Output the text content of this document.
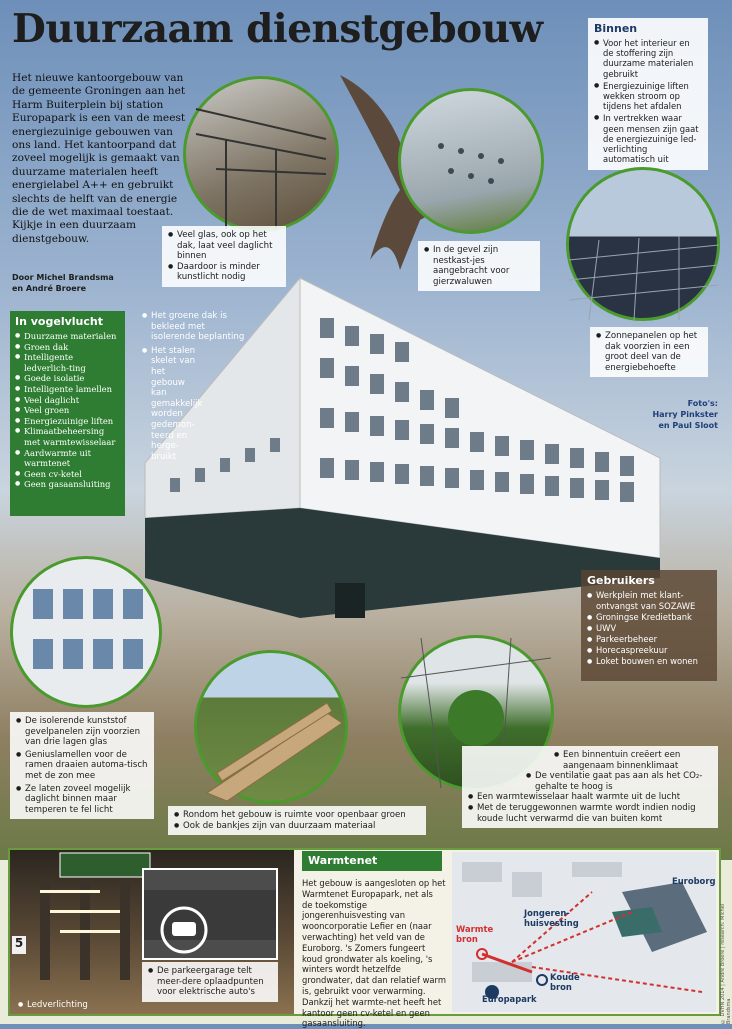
Duurzaam dienstgebouw

Het nieuwe kantoorgebouw van de gemeente Groningen aan het Harm Buiterplein bij station Europapark is een van de meest energiezuinige gebouwen van ons land. Het kantoorpand dat zoveel mogelijk is gemaakt van duurzame materialen heeft energielabel A++ en gebruikt slechts de helft van de energie die de wet maximaal toestaat. Kijkje in een duurzaam dienstgebouw.

Door Michel Brandsma
en André Broere
● Veel glas, ook op het dak, laat veel daglicht binnen
● Daardoor is minder kunstlicht nodig
● In de gevel zijn nestkast-jes aangebracht voor gierzwaluwen
Binnen
● Voor het interieur en de stoffering zijn duurzame materialen gebruikt
● Energiezuinige liften wekken stroom op tijdens het afdalen
● In vertrekken waar geen mensen zijn gaat de energiezuinige led-verlichting automatisch uit
● Zonnepanelen op het dak voorzien in een groot deel van de energiebehoefte
● Het groene dak is bekleed met isolerende beplanting
● Het stalen skelet van het gebouw kan gemakkelijk worden gedemon-teerd en herge-bruikt
In vogelvlucht
● Duurzame materialen
● Groen dak
● Intelligente ledverlich-ting
● Goede isolatie
● Intelligente lamellen
● Veel daglicht
● Veel groen
● Energiezuinige liften
● Klimaatbeheersing met warmtewisselaar
● Aardwarmte uit warmtenet
● Geen cv-ketel
● Geen gasaansluiting
Foto's:
Harry Pinkster
en Paul Sloot
Gebruikers
● Werkplein met klant-ontvangst van SOZAWE
● Groningse Kredietbank
● UWV
● Parkeerbeheer
● Horecaspreekuur
● Loket bouwen en wonen
● De isolerende kunststof gevelpanelen zijn voorzien van drie lagen glas
● Geniuslamellen voor de ramen draaien automa-tisch met de zon mee
● Ze laten zoveel mogelijk daglicht binnen maar temperen te fel licht
● Rondom het gebouw is ruimte voor openbaar groen
● Ook de bankjes zijn van duurzaam materiaal
● Een binnentuin creëert een aangenaam binnenklimaat
● De ventilatie gaat pas aan als het CO₂-gehalte te hoog is
● Een warmtewisselaar haalt warmte uit de lucht
● Met de teruggewonnen warmte wordt indien nodig koude lucht verwarmd die van buiten komt
5
● De parkeergarage telt meer-dere oplaadpunten voor elektrische auto's
● Ledverlichting
Warmtenet

Het gebouw is aangesloten op het Warmtenet Europapark, net als de toekomstige jongerenhuisvesting van wooncorporatie Lefier en (naar verwachting) het veld van de Euroborg. 's Zomers fungeert koud grondwater als koeling, 's winters wordt hetzelfde grondwater, dat dan relatief warm is, gebruikt voor verwarming. Dankzij het warmte-net heeft het kantoor geen cv-ketel en geen gasaansluiting.

Euroborg
Jongeren-huisvesting
Warmte bron
Koude bron
Europapark	© DVHN 2014 | André Broere | research: Michel Brandsma
